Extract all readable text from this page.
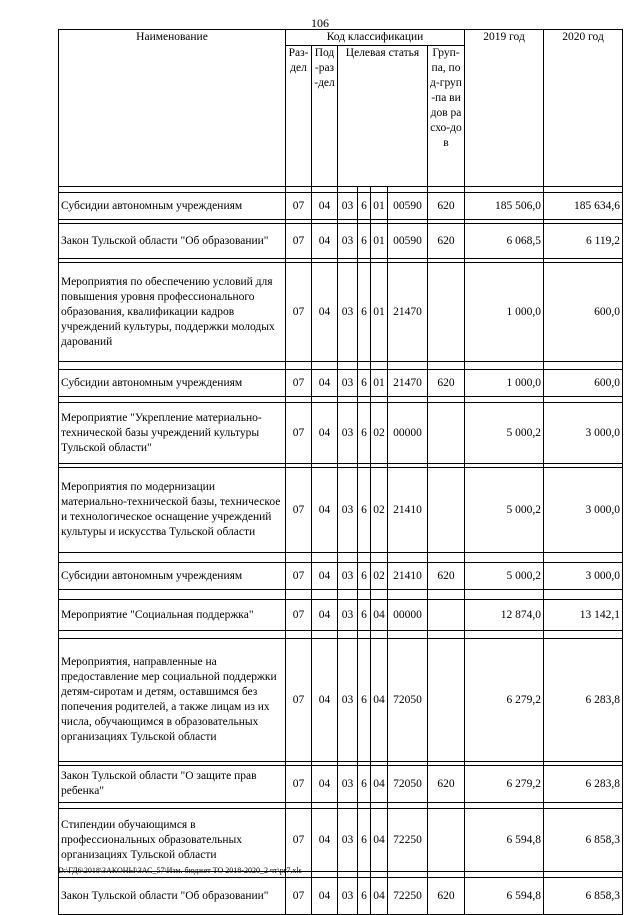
106
Наименование	Код классификации							2019 год	2020 год
	Раз-дел	Под-раз-дел	Целевая статья				Груп-па, под-груп-па видов расхо-дов		

Субсидии автономным учреждениям	07	04	03	6	01	00590	620	185 506,0	185 634,6

Закон Тульской области "Об образовании"	07	04	03	6	01	00590	620	6 068,5	6 119,2

Мероприятия по обеспечению условий для повышения уровня профессионального образования, квалификации кадров учреждений культуры, поддержки молодых дарований	07	04	03	6	01	21470		1 000,0	600,0

Субсидии автономным учреждениям	07	04	03	6	01	21470	620	1 000,0	600,0

Мероприятие "Укрепление материально-технической базы учреждений культуры Тульской области"	07	04	03	6	02	00000		5 000,2	3 000,0

Мероприятия по модернизации материально-технической базы, техническое и технологическое оснащение учреждений культуры и искусства Тульской области	07	04	03	6	02	21410		5 000,2	3 000,0

Субсидии автономным учреждениям	07	04	03	6	02	21410	620	5 000,2	3 000,0

Мероприятие "Социальная поддержка"	07	04	03	6	04	00000		12 874,0	13 142,1

Мероприятия, направленные на предоставление мер социальной поддержки детям-сиротам и детям, оставшимся без попечения родителей, а также лицам из их числа, обучающимся в образовательных организациях Тульской области	07	04	03	6	04	72050		6 279,2	6 283,8

Закон Тульской области "О защите прав ребенка"	07	04	03	6	04	72050	620	6 279,2	6 283,8

Стипендии обучающимся в профессиональных образовательных организациях Тульской области	07	04	03	6	04	72250		6 594,8	6 858,3

Закон Тульской области "Об образовании"	07	04	03	6	04	72250	620	6 594,8	6 858,3
D:\ГД6\2018\ЗАКОНЫ\ЗАС_57\Изм. бюджет ТО 2018-2020_2 чт\pr7.xls
